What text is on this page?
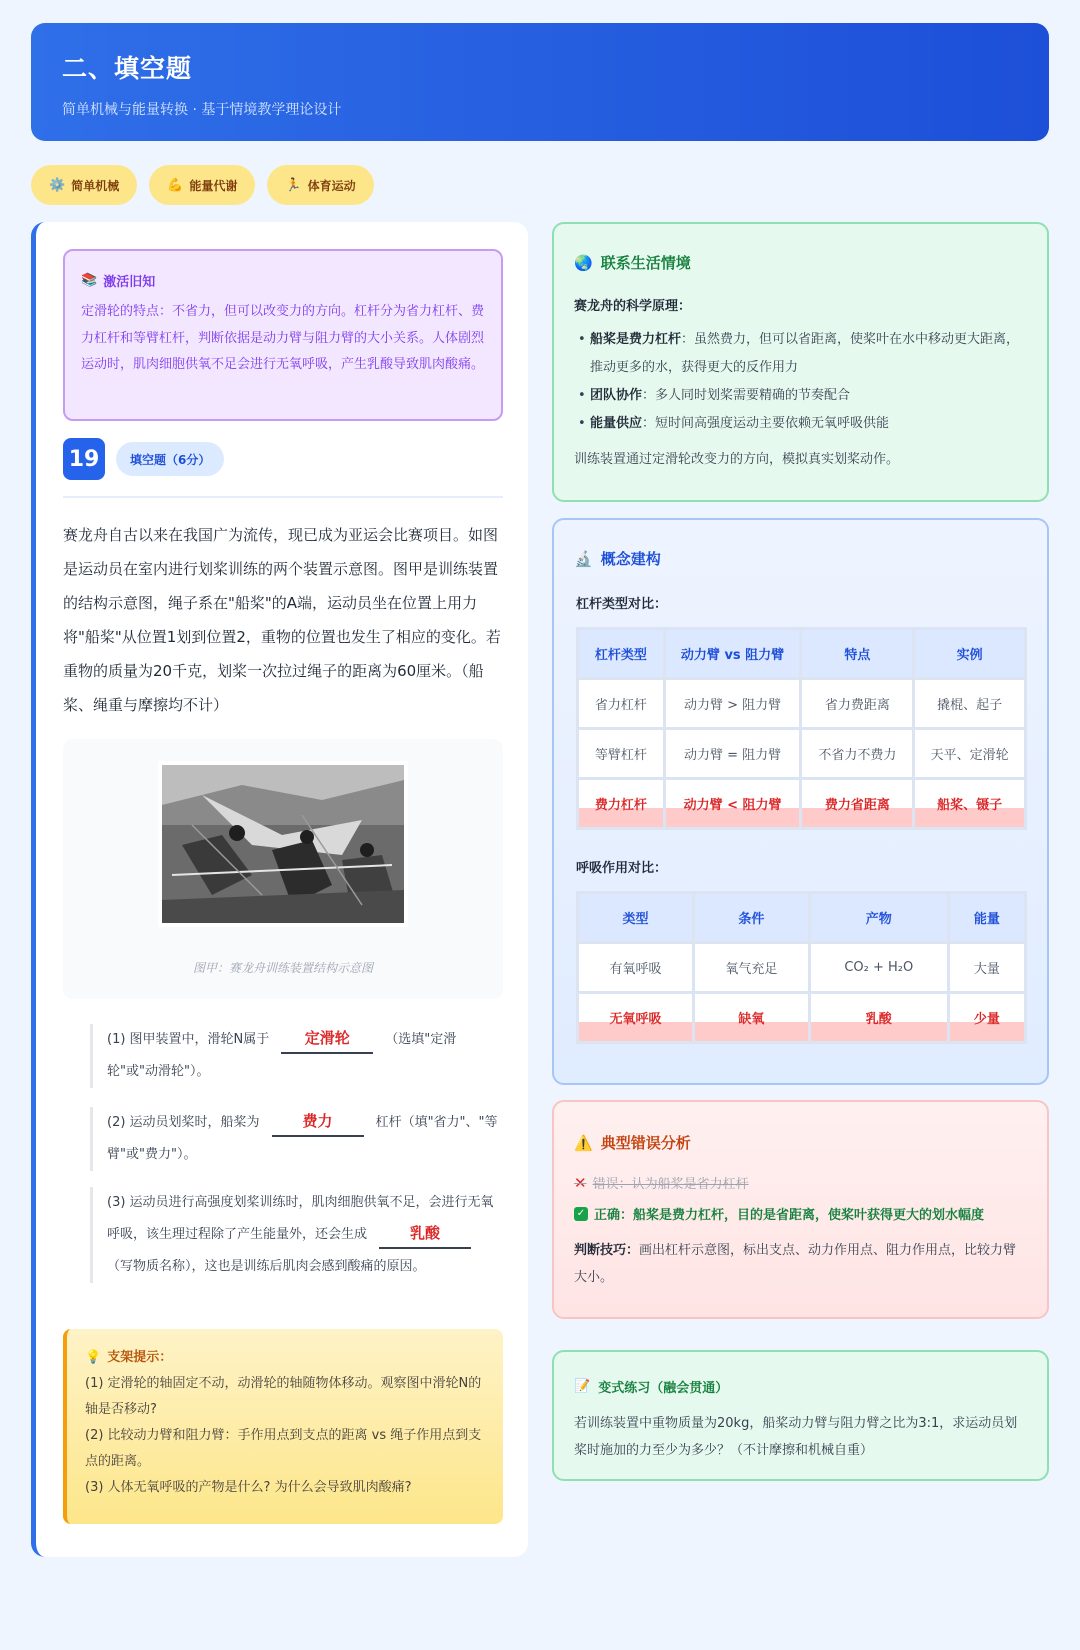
二、填空题
简单机械与能量转换 · 基于情境教学理论设计
⚙️ 简单机械	💪 能量代谢	🏃 体育运动
📚 激活旧知
定滑轮的特点：不省力，但可以改变力的方向。杠杆分为省力杠杆、费力杠杆和等臂杠杆，判断依据是动力臂与阻力臂的大小关系。人体剧烈运动时，肌肉细胞供氧不足会进行无氧呼吸，产生乳酸导致肌肉酸痛。
19	填空题（6分）
赛龙舟自古以来在我国广为流传，现已成为亚运会比赛项目。如图是运动员在室内进行划桨训练的两个装置示意图。图甲是训练装置的结构示意图，绳子系在"船桨"的A端，运动员坐在位置上用力将"船桨"从位置1划到位置2，重物的位置也发生了相应的变化。若重物的质量为20千克，划桨一次拉过绳子的距离为60厘米。（船桨、绳重与摩擦均不计）
图甲：赛龙舟训练装置结构示意图
(1) 图甲装置中，滑轮N属于 定滑轮	（选填"定滑轮"或"动滑轮"）。
(2) 运动员划桨时，船桨为	费力	杠杆（填"省力"、"等臂"或"费力"）。
(3) 运动员进行高强度划桨训练时，肌肉细胞供氧不足，会进行无氧呼吸，该生理过程除了产生能量外，还会生成	乳酸（写物质名称），这也是训练后肌肉会感到酸痛的原因。
💡 支架提示：
(1) 定滑轮的轴固定不动，动滑轮的轴随物体移动。观察图中滑轮N的轴是否移动?
(2) 比较动力臂和阻力臂：手作用点到支点的距离 vs 绳子作用点到支点的距离。
(3) 人体无氧呼吸的产物是什么? 为什么会导致肌肉酸痛?
🌏 联系生活情境
赛龙舟的科学原理：
• 船桨是费力杠杆：虽然费力，但可以省距离，使桨叶在水中移动更大距离，推动更多的水，获得更大的反作用力
• 团队协作：多人同时划桨需要精确的节奏配合
• 能量供应：短时间高强度运动主要依赖无氧呼吸供能
训练装置通过定滑轮改变力的方向，模拟真实划桨动作。
🔬 概念建构
杠杆类型对比：
杠杆类型	动力臂 vs 阻力臂	特点	实例
省力杠杆	动力臂 > 阻力臂	省力费距离	撬棍、起子
等臂杠杆	动力臂 = 阻力臂	不省力不费力	天平、定滑轮
费力杠杆	动力臂 < 阻力臂	费力省距离	船桨、镊子
呼吸作用对比：
类型	条件	产物	能量
有氧呼吸	氧气充足	CO₂ + H₂O	大量
无氧呼吸	缺氧	乳酸	少量
⚠️ 典型错误分析
✕ 错误：认为船桨是省力杠杆
✓ 正确：船桨是费力杠杆，目的是省距离，使桨叶获得更大的划水幅度
判断技巧：画出杠杆示意图，标出支点、动力作用点、阻力作用点，比较力臂大小。
📝 变式练习（融会贯通）
若训练装置中重物质量为20kg，船桨动力臂与阻力臂之比为3:1，求运动员划桨时施加的力至少为多少？（不计摩擦和机械自重）
